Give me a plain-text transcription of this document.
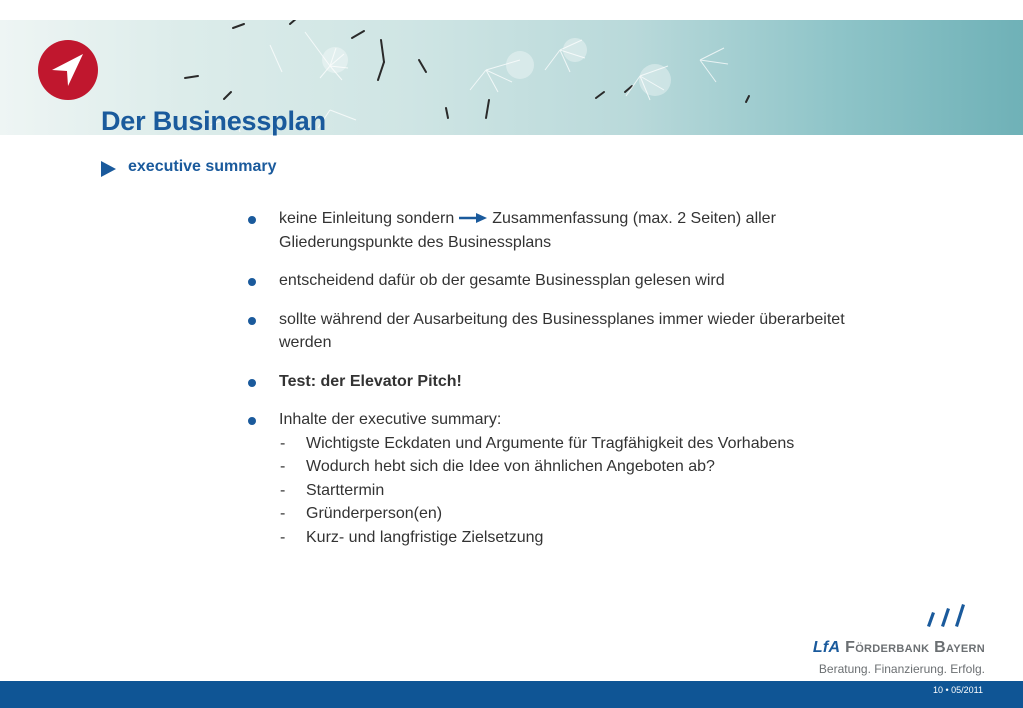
Der Businessplan
executive summary
keine Einleitung sondern Zusammenfassung (max. 2 Seiten) aller Gliederungspunkte des Businessplans
entscheidend dafür ob der gesamte Businessplan gelesen wird
sollte während der Ausarbeitung des Businessplanes immer wieder überarbeitet werden
Test: der Elevator Pitch!
Inhalte der executive summary:
- Wichtigste Eckdaten und Argumente für Tragfähigkeit des Vorhabens
- Wodurch hebt sich die Idee von ähnlichen Angeboten ab?
- Starttermin
- Gründerperson(en)
- Kurz- und langfristige Zielsetzung
LfA Förderbank Bayern
Beratung. Finanzierung. Erfolg.
10 • 05/2011
